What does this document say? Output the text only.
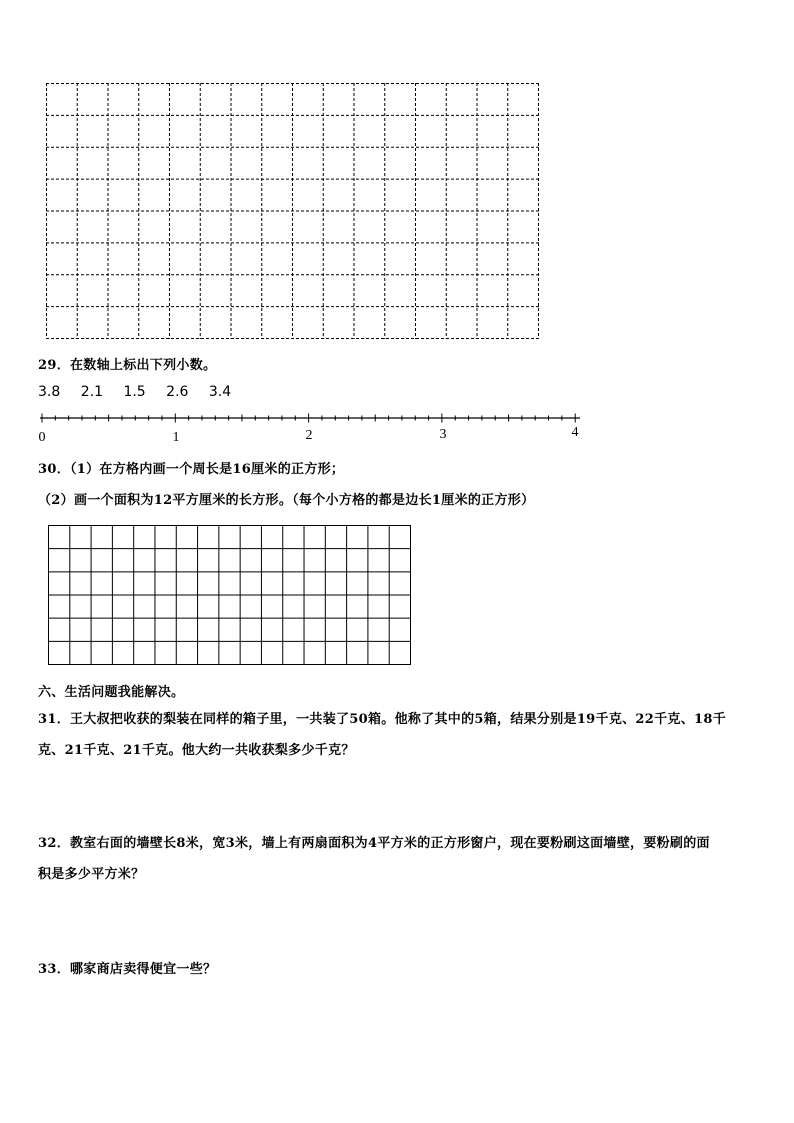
29．在数轴上标出下列小数。
3.8 2.1 1.5 2.6 3.4
0	1	2	3	4
30．（1）在方格内画一个周长是16厘米的正方形；
（2）画一个面积为12平方厘米的长方形。（每个小方格的都是边长1厘米的正方形）
六、生活问题我能解决。
31．王大叔把收获的梨装在同样的箱子里，一共装了50箱。他称了其中的5箱，结果分别是19千克、22千克、18千
克、21千克、21千克。他大约一共收获梨多少千克？
32．教室右面的墙壁长8米，宽3米，墙上有两扇面积为4平方米的正方形窗户，现在要粉刷这面墙壁，要粉刷的面
积是多少平方米？
33．哪家商店卖得便宜一些？
